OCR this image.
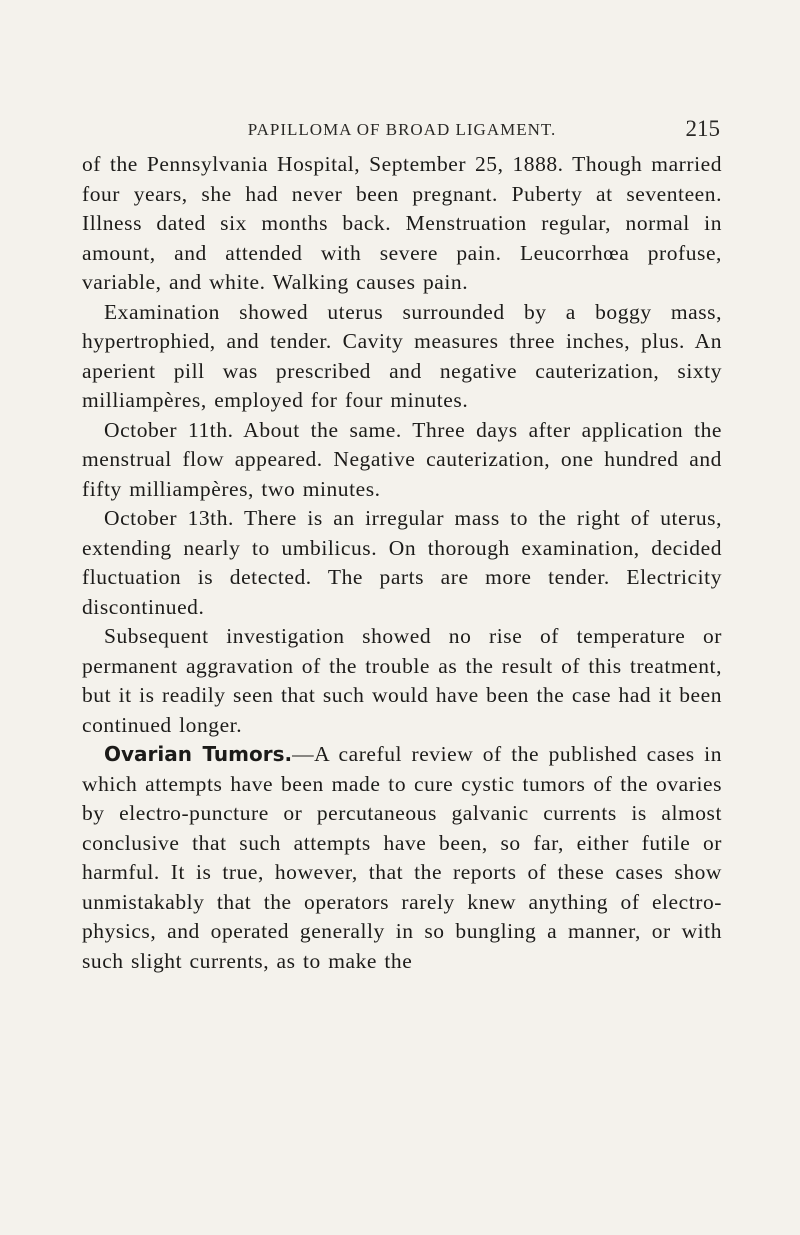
PAPILLOMA OF BROAD LIGAMENT.	215

of the Pennsylvania Hospital, September 25, 1888. Though married four years, she had never been pregnant. Puberty at seventeen. Illness dated six months back. Menstruation regular, normal in amount, and attended with severe pain. Leucorrhœa profuse, variable, and white. Walking causes pain.

Examination showed uterus surrounded by a boggy mass, hypertrophied, and tender. Cavity measures three inches, plus. An aperient pill was prescribed and negative cauterization, sixty milliampères, employed for four minutes.

October 11th. About the same. Three days after application the menstrual flow appeared. Negative cauterization, one hundred and fifty milliampères, two minutes.

October 13th. There is an irregular mass to the right of uterus, extending nearly to umbilicus. On thorough examination, decided fluctuation is detected. The parts are more tender. Electricity discontinued.

Subsequent investigation showed no rise of temperature or permanent aggravation of the trouble as the result of this treatment, but it is readily seen that such would have been the case had it been continued longer.

Ovarian Tumors.—A careful review of the published cases in which attempts have been made to cure cystic tumors of the ovaries by electro-puncture or percutaneous galvanic currents is almost conclusive that such attempts have been, so far, either futile or harmful. It is true, however, that the reports of these cases show unmistakably that the operators rarely knew anything of electro-physics, and operated generally in so bungling a manner, or with such slight currents, as to make the
